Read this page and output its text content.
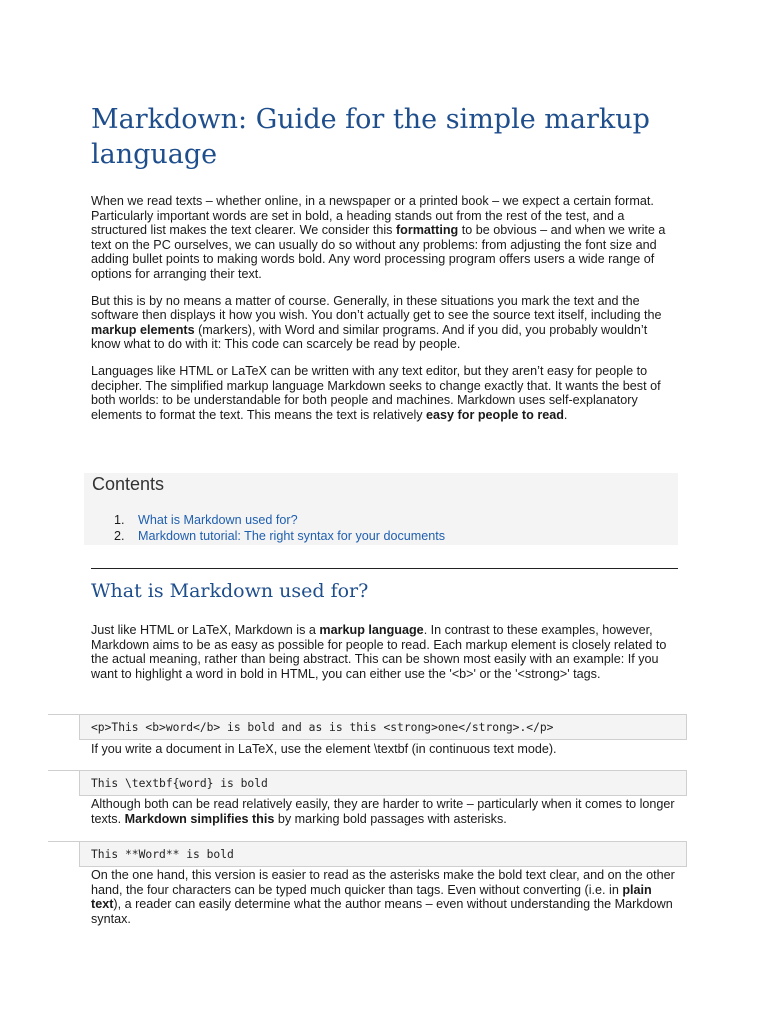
Markdown: Guide for the simple markup language

When we read texts – whether online, in a newspaper or a printed book – we expect a certain format. Particularly important words are set in bold, a heading stands out from the rest of the test, and a structured list makes the text clearer. We consider this formatting to be obvious – and when we write a text on the PC ourselves, we can usually do so without any problems: from adjusting the font size and adding bullet points to making words bold. Any word processing program offers users a wide range of options for arranging their text.

But this is by no means a matter of course. Generally, in these situations you mark the text and the software then displays it how you wish. You don’t actually get to see the source text itself, including the markup elements (markers), with Word and similar programs. And if you did, you probably wouldn’t know what to do with it: This code can scarcely be read by people.

Languages like HTML or LaTeX can be written with any text editor, but they aren’t easy for people to decipher. The simplified markup language Markdown seeks to change exactly that. It wants the best of both worlds: to be understandable for both people and machines. Markdown uses self-explanatory elements to format the text. This means the text is relatively easy for people to read.

Contents
1. What is Markdown used for?
2. Markdown tutorial: The right syntax for your documents
What is Markdown used for?

Just like HTML or LaTeX, Markdown is a markup language. In contrast to these examples, however, Markdown aims to be as easy as possible for people to read. Each markup element is closely related to the actual meaning, rather than being abstract. This can be shown most easily with an example: If you want to highlight a word in bold in HTML, you can either use the '<b>' or the '<strong>' tags.

<p>This <b>word</b> is bold and as is this <strong>one</strong>.</p>

If you write a document in LaTeX, use the element \textbf (in continuous text mode).

This \textbf{word} is bold

Although both can be read relatively easily, they are harder to write – particularly when it comes to longer texts. Markdown simplifies this by marking bold passages with asterisks.

This **Word** is bold

On the one hand, this version is easier to read as the asterisks make the bold text clear, and on the other hand, the four characters can be typed much quicker than tags. Even without converting (i.e. in plain text), a reader can easily determine what the author means – even without understanding the Markdown syntax.
